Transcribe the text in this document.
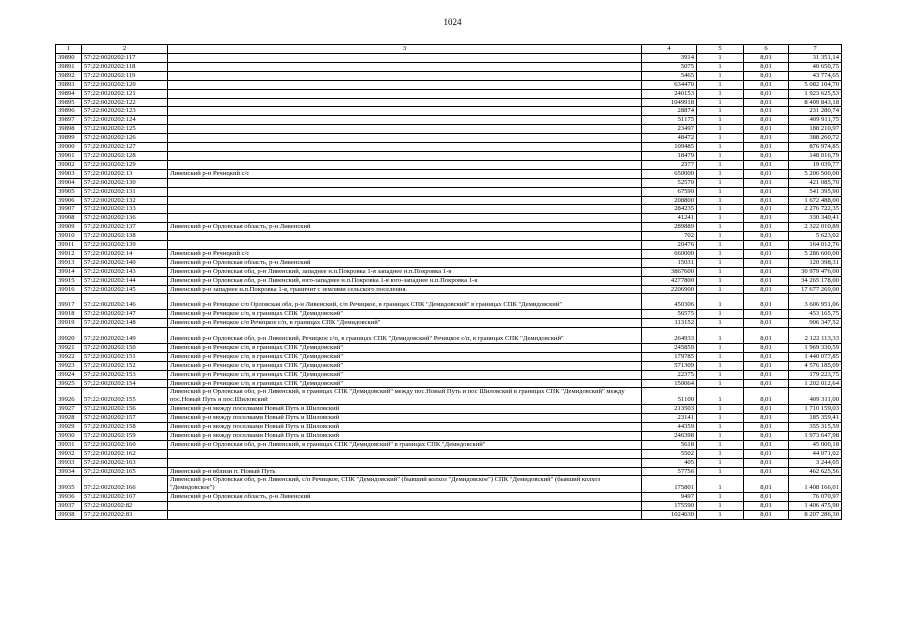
1024
1	2	3	4	5	6	7
39890	57:22:0020202:117		3914	1	8,01	31 351,14
39891	57:22:0020202:118		5075	1	8,01	40 650,75
39892	57:22:0020202:119		5465	1	8,01	43 774,65
39893	57:22:0020202:120		634470	1	8,01	5 082 104,70
39894	57:22:0020202:121		240153	1	8,01	1 923 625,53
39895	57:22:0020202:122		1049918	1	8,01	8 409 843,18
39896	57:22:0020202:123		28874	1	8,01	231 280,74
39897	57:22:0020202:124		51175	1	8,01	409 911,75
39898	57:22:0020202:125		23497	1	8,01	188 210,97
39899	57:22:0020202:126		48472	1	8,01	388 260,72
39900	57:22:0020202:127		109485	1	8,01	876 974,85
39901	57:22:0020202:128		18479	1	8,01	148 016,79
39902	57:22:0020202:129		2377	1	8,01	19 039,77
39903	57:22:0020202:13	Ливенский р-н Речицкий с/с	650000	1	8,01	5 206 500,00
39904	57:22:0020202:130		52570	1	8,01	421 085,70
39905	57:22:0020202:131		67590	1	8,01	541 395,90
39906	57:22:0020202:132		208800	1	8,01	1 672 488,00
39907	57:22:0020202:133		284235	1	8,01	2 276 722,35
39908	57:22:0020202:136		41241	1	8,01	330 340,41
39909	57:22:0020202:137	Ливенский р-н Орловская область, р-н Ливенский	289889	1	8,01	2 322 010,89
39910	57:22:0020202:138		702	1	8,01	5 623,02
39911	57:22:0020202:139		20476	1	8,01	164 012,76
39912	57:22:0020202:14	Ливенский р-н Речицкий с/с	660000	1	8,01	5 286 600,00
39913	57:22:0020202:140	Ливенский р-н Орловская область, р-н Ливенский	15031	1	8,01	120 398,31
39914	57:22:0020202:143	Ливенский р-н Орловская обл, р-н Ливенский, западнее н.п.Покровка 1-я западнее н.п.Покровка 1-я	3867600	1	8,01	30 979 476,00
39915	57:22:0020202:144	Ливенский р-н Орловская обл, р-н Ливенский, юго-западнее н.п.Покровка 1-я юго-западнее н.п.Покровка 1-я	4277800	1	8,01	34 265 178,00
39916	57:22:0020202:145	Ливенский р-н западнее н.п.Покровка 1-я, граничит с землями сельского поселения.	2206900	1	8,01	17 677 269,00
39917	57:22:0020202:146	Ливенский р-н Речицкое с/п Орловская обл, р-н Ливенский, с/п Речицкое, в границах СПК "Демидовский" в границах СПК "Демидовский"	450306	1	8,01	3 606 951,06
39918	57:22:0020202:147	Ливенский р-н Речицкое с/п, в границах СПК "Демидовский"	56575	1	8,01	453 165,75
39919	57:22:0020202:148	Ливенский р-н Речицкое с/п Речицкое с/п, в границах СПК "Демидовский"	113152	1	8,01	906 347,52
39920	57:22:0020202:149	Ливенский р-н Орловская обл, р-н Ливенский, Речицкое с/п, в границах СПК "Демидовский" Речицкое с/п, в границах СПК "Демидовский"	264933	1	8,01	2 122 113,33
39921	57:22:0020202:150	Ливенский р-н Речицкое с/п, в границах СПК "Демидовский"	245859	1	8,01	1 969 330,59
39922	57:22:0020202:151	Ливенский р-н Речицкое с/п, в границах СПК "Демидовский"	179785	1	8,01	1 440 077,85
39923	57:22:0020202:152	Ливенский р-н Речицкое с/п, в границах СПК "Демидовский"	571309	1	8,01	4 576 185,09
39924	57:22:0020202:153	Ливенский р-н Речицкое с/п, в границах СПК "Демидовский"	22375	1	8,01	179 223,75
39925	57:22:0020202:154	Ливенский р-н Речицкое с/п, в границах СПК "Демидовский"	150064	1	8,01	1 202 012,64
39926	57:22:0020202:155	Ливенский р-н Орловская обл, р-н Ливенский, в границах СПК "Демидовский" между пос.Новый Путь и пос Шиловский в границах СПК "Демидовский" между пос.Новый Путь и пос.Шиловский	51100	1	8,01	409 311,00
39927	57:22:0020202:156	Ливенский р-н между поселками Новый Путь и Шиловский	213503	1	8,01	1 710 159,03
39928	57:22:0020202:157	Ливенский р-н между поселками Новый Путь и Шиловский	23141	1	8,01	185 359,41
39929	57:22:0020202:158	Ливенский р-н между поселками Новый Путь и Шиловский	44359	1	8,01	355 315,59
39930	57:22:0020202:159	Ливенский р-н между поселками Новый Путь и Шиловский	246398	1	8,01	1 973 647,98
39931	57:22:0020202:160	Ливенский р-н Орловская обл, р-н Ливенский, в границах СПК "Демидовский" в границах СПК "Демидовский"	5618	1	8,01	45 000,18
39932	57:22:0020202:162		5502	1	8,01	44 071,02
39933	57:22:0020202:163		405	1	8,01	3 244,05
39934	57:22:0020202:165	Ливенский р-н вблизи п. Новый Путь	57756	1	8,01	462 625,56
39935	57:22:0020202:166	Ливенский р-н Орловская обл, р-н Ливенский, с/п Речицкое, СПК "Демидовский" (бывший колхоз "Демидовское") СПК "Демидовский" (бывший колхоз "Демидовское")	175801	1	8,01	1 408 166,01
39936	57:22:0020202:167	Ливенский р-н Орловская область, р-н Ливенский	9497	1	8,01	76 070,97
39937	57:22:0020202:82		175590	1	8,01	1 406 475,90
39938	57:22:0020202:83		1024630	1	8,01	8 207 286,30
